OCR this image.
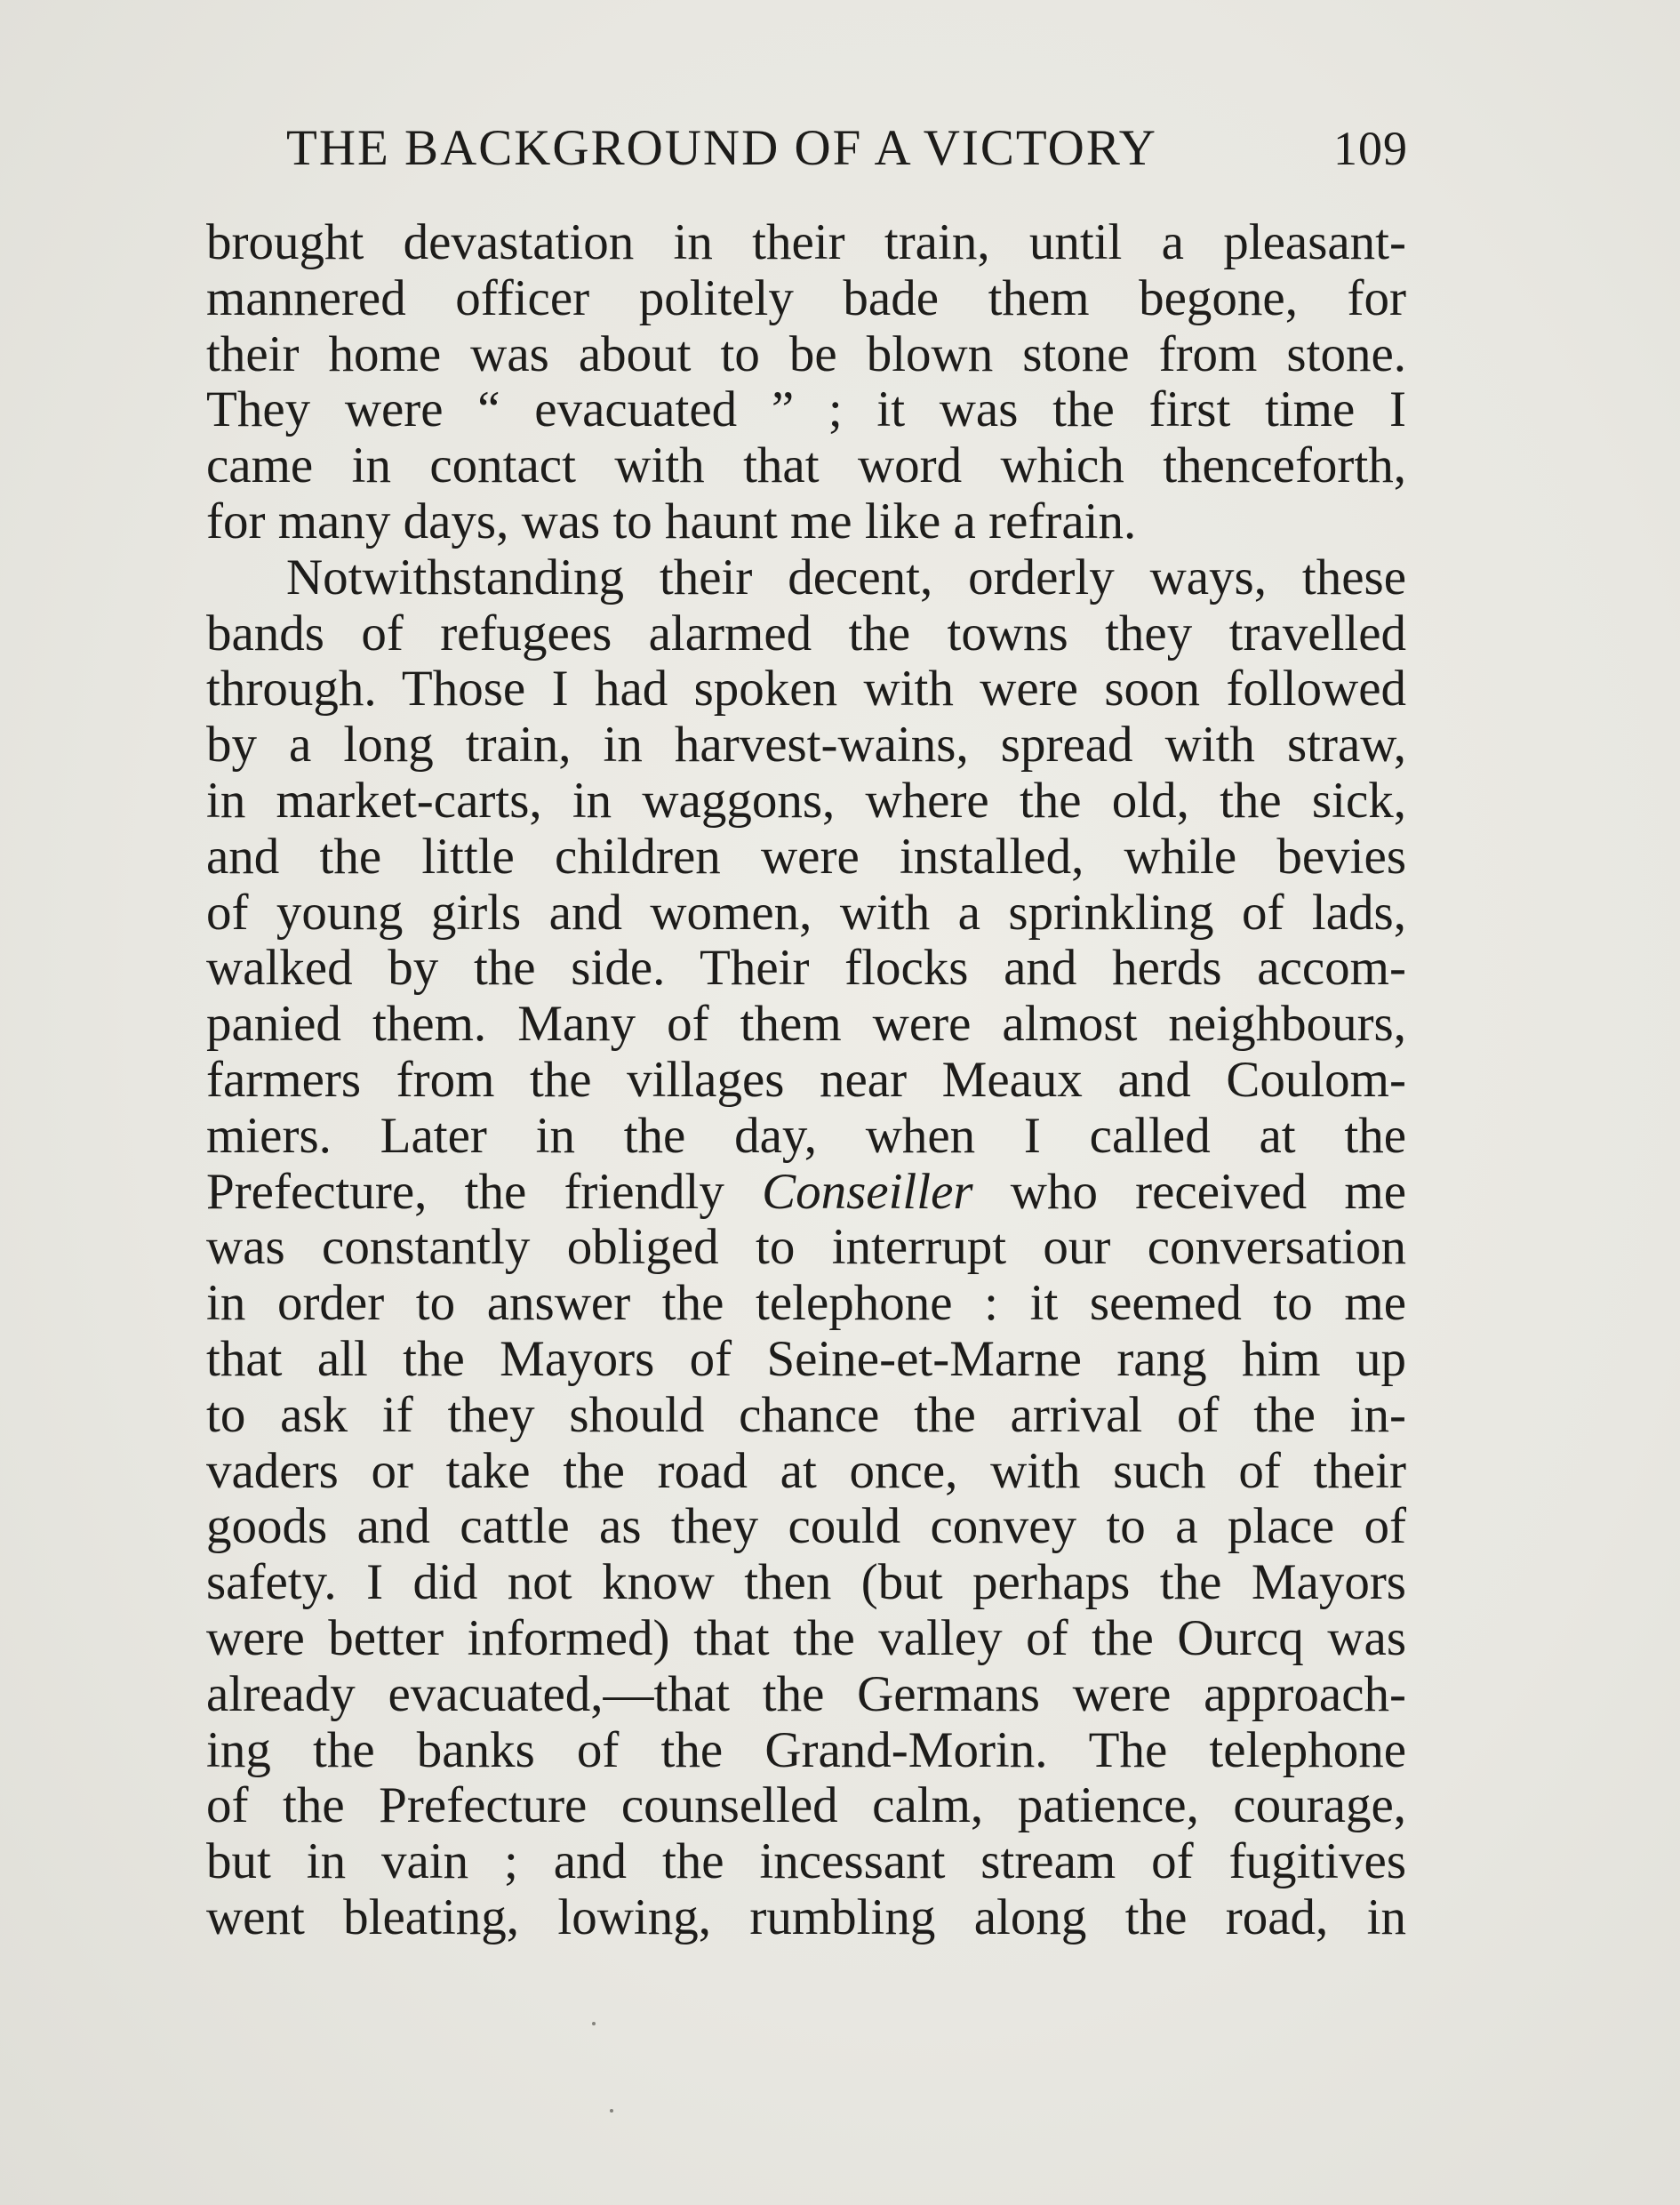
THE BACKGROUND OF A VICTORY	109
brought devastation in their train, until a pleasant-
mannered officer politely bade them begone, for
their home was about to be blown stone from stone.
They were “ evacuated ” ; it was the first time I
came in contact with that word which thenceforth,
for many days, was to haunt me like a refrain.
Notwithstanding their decent, orderly ways, these
bands of refugees alarmed the towns they travelled
through. Those I had spoken with were soon followed
by a long train, in harvest-wains, spread with straw,
in market-carts, in waggons, where the old, the sick,
and the little children were installed, while bevies
of young girls and women, with a sprinkling of lads,
walked by the side. Their flocks and herds accom-
panied them. Many of them were almost neighbours,
farmers from the villages near Meaux and Coulom-
miers. Later in the day, when I called at the
Prefecture, the friendly Conseiller who received me
was constantly obliged to interrupt our conversation
in order to answer the telephone : it seemed to me
that all the Mayors of Seine-et-Marne rang him up
to ask if they should chance the arrival of the in-
vaders or take the road at once, with such of their
goods and cattle as they could convey to a place of
safety. I did not know then (but perhaps the Mayors
were better informed) that the valley of the Ourcq was
already evacuated,—that the Germans were approach-
ing the banks of the Grand-Morin. The telephone
of the Prefecture counselled calm, patience, courage,
but in vain ; and the incessant stream of fugitives
went bleating, lowing, rumbling along the road, in
